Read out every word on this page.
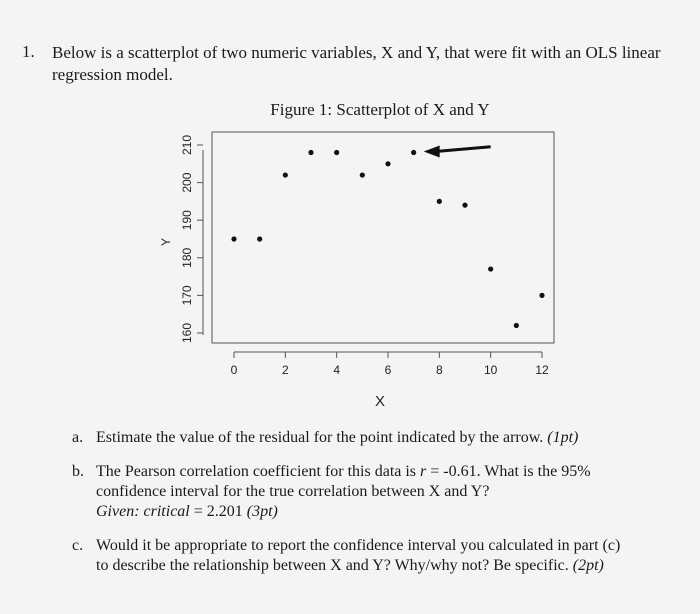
1. Below is a scatterplot of two numeric variables, X and Y, that were fit with an OLS linear
regression model.
Figure 1: Scatterplot of X and Y
0	2	4	6	8	10	12
160
170
180
190
200
210
X
Y
a. Estimate the value of the residual for the point indicated by the arrow. (1pt)
b. The Pearson correlation coefficient for this data is r = -0.61. What is the 95%
confidence interval for the true correlation between X and Y?
Given: critical = 2.201 (3pt)
c. Would it be appropriate to report the confidence interval you calculated in part (c)
to describe the relationship between X and Y? Why/why not? Be specific. (2pt)
